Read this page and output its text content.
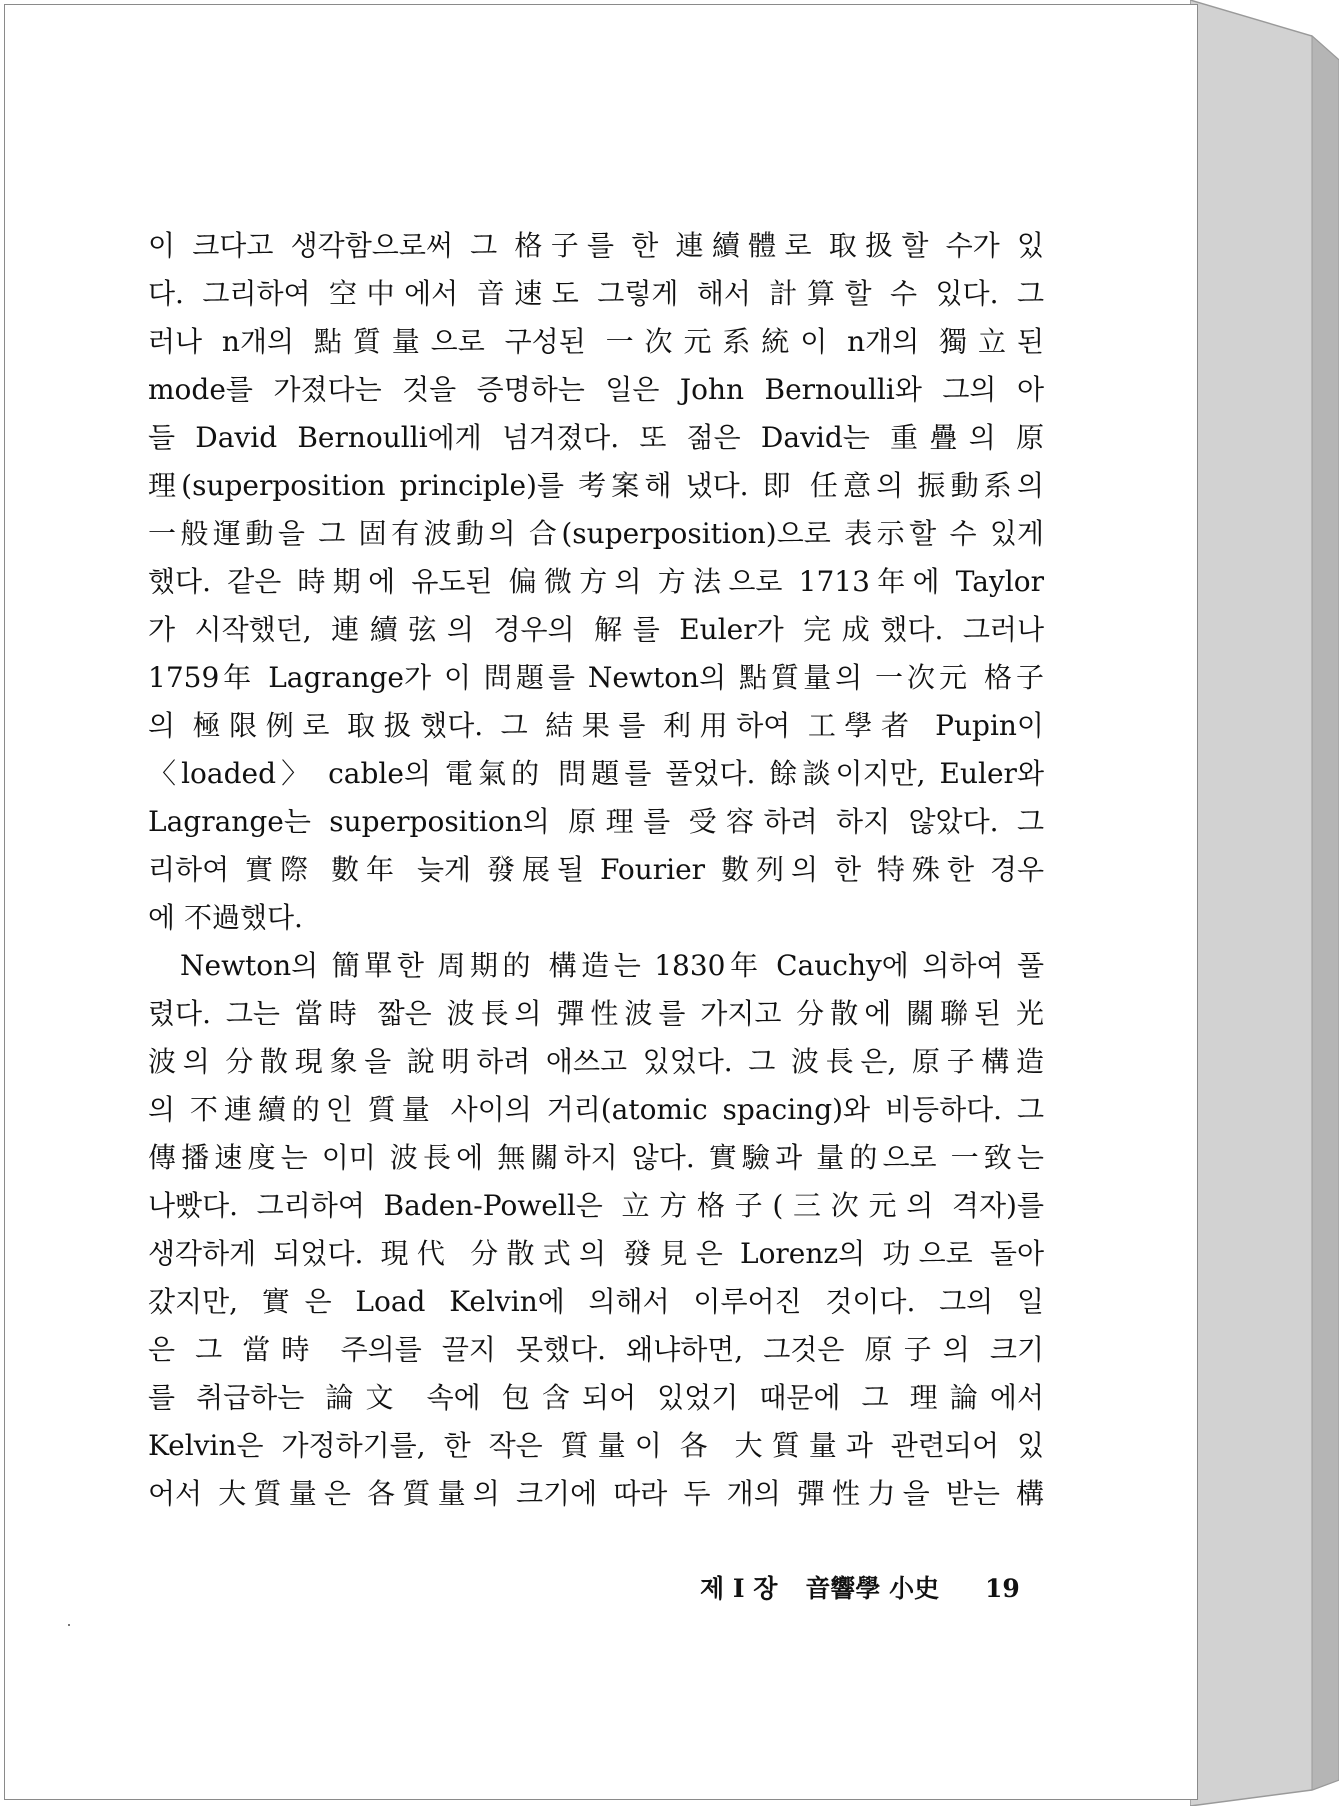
이 크다고 생각함으로써 그 格子를 한 連續體로 取扱할 수가 있
다. 그리하여 空中에서 音速도 그렇게 해서 計算할 수 있다. 그
러나 n개의 點質量으로 구성된 一次元系統이 n개의 獨立된
mode를 가졌다는 것을 증명하는 일은 John Bernoulli와 그의 아
들 David Bernoulli에게 넘겨졌다. 또 젊은 David는 重疊의 原
理(superposition principle)를 考案해 냈다. 即 任意의 振動系의
一般運動을 그 固有波動의 合(superposition)으로 表示할 수 있게
했다. 같은 時期에 유도된 偏微方의 方法으로 1713年에 Taylor
가 시작했던, 連續弦의 경우의 解를 Euler가 完成했다. 그러나
1759年 Lagrange가 이 問題를 Newton의 點質量의 一次元 格子
의 極限例로 取扱했다. 그 結果를 利用하여 工學者 Pupin이
〈loaded〉 cable의 電氣的 問題를 풀었다. 餘談이지만, Euler와
Lagrange는 superposition의 原理를 受容하려 하지 않았다. 그
리하여 實際 數年 늦게 發展될 Fourier 數列의 한 特殊한 경우
에 不過했다.
Newton의 簡單한 周期的 構造는 1830年 Cauchy에 의하여 풀
렸다. 그는 當時 짧은 波長의 彈性波를 가지고 分散에 關聯된 光
波의 分散現象을 說明하려 애쓰고 있었다. 그 波長은, 原子構造
의 不連續的인 質量 사이의 거리(atomic spacing)와 비등하다. 그
傳播速度는 이미 波長에 無關하지 않다. 實驗과 量的으로 一致는
나빴다. 그리하여 Baden-Powell은 立方格子(三次元의 격자)를
생각하게 되었다. 現代 分散式의 發見은 Lorenz의 功으로 돌아
갔지만, 實은 Load Kelvin에 의해서 이루어진 것이다. 그의 일
은 그 當時 주의를 끌지 못했다. 왜냐하면, 그것은 原子의 크기
를 취급하는 論文 속에 包含되어 있었기 때문에 그 理論에서
Kelvin은 가정하기를, 한 작은 質量이 各 大質量과 관련되어 있
어서 大質量은 各質量의 크기에 따라 두 개의 彈性力을 받는 構
제 I 장 音響學 小史 19
